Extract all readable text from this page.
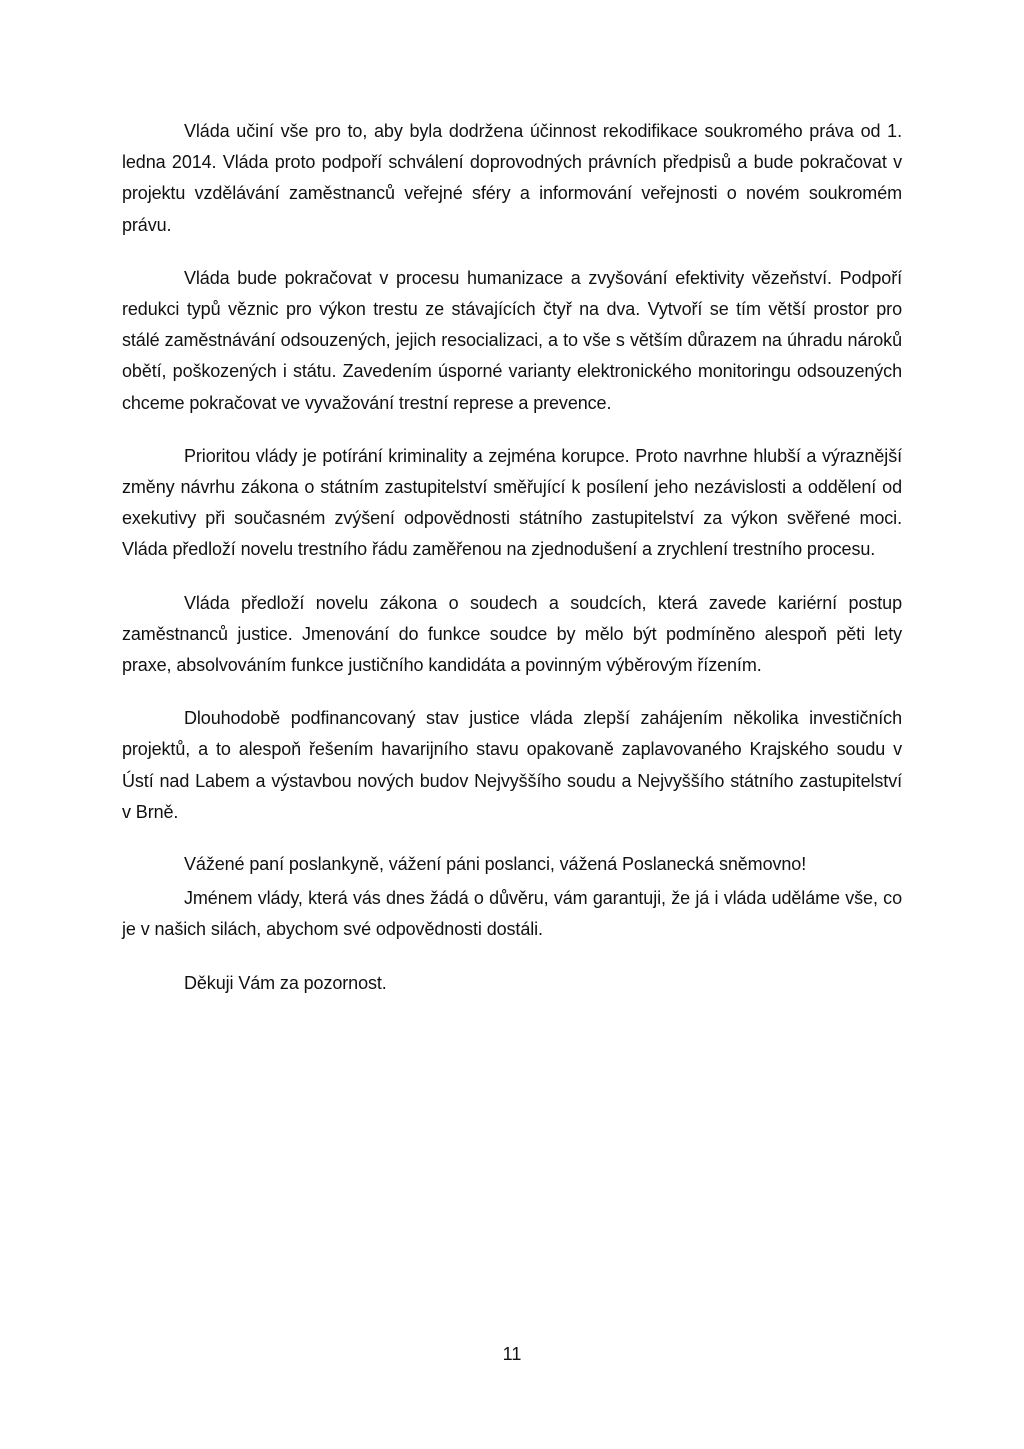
Vláda učiní vše pro to, aby byla dodržena účinnost rekodifikace soukromého práva od 1. ledna 2014. Vláda proto podpoří schválení doprovodných právních předpisů a bude pokračovat v projektu vzdělávání zaměstnanců veřejné sféry a informování veřejnosti o novém soukromém právu.

Vláda bude pokračovat v procesu humanizace a zvyšování efektivity vězeňství. Podpoří redukci typů věznic pro výkon trestu ze stávajících čtyř na dva. Vytvoří se tím větší prostor pro stálé zaměstnávání odsouzených, jejich resocializaci, a to vše s větším důrazem na úhradu nároků obětí, poškozených i státu. Zavedením úsporné varianty elektronického monitoringu odsouzených chceme pokračovat ve vyvažování trestní represe a prevence.

Prioritou vlády je potírání kriminality a zejména korupce. Proto navrhne hlubší a výraznější změny návrhu zákona o státním zastupitelství směřující k posílení jeho nezávislosti a oddělení od exekutivy při současném zvýšení odpovědnosti státního zastupitelství za výkon svěřené moci. Vláda předloží novelu trestního řádu zaměřenou na zjednodušení a zrychlení trestního procesu.

Vláda předloží novelu zákona o soudech a soudcích, která zavede kariérní postup zaměstnanců justice. Jmenování do funkce soudce by mělo být podmíněno alespoň pěti lety praxe, absolvováním funkce justičního kandidáta a povinným výběrovým řízením.

Dlouhodobě podfinancovaný stav justice vláda zlepší zahájením několika investičních projektů, a to alespoň řešením havarijního stavu opakovaně zaplavovaného Krajského soudu v Ústí nad Labem a výstavbou nových budov Nejvyššího soudu a Nejvyššího státního zastupitelství v Brně.

Vážené paní poslankyně, vážení páni poslanci, vážená Poslanecká sněmovno!

Jménem vlády, která vás dnes žádá o důvěru, vám garantuji, že já i vláda uděláme vše, co je v našich silách, abychom své odpovědnosti dostáli.

Děkuji Vám za pozornost.

11
